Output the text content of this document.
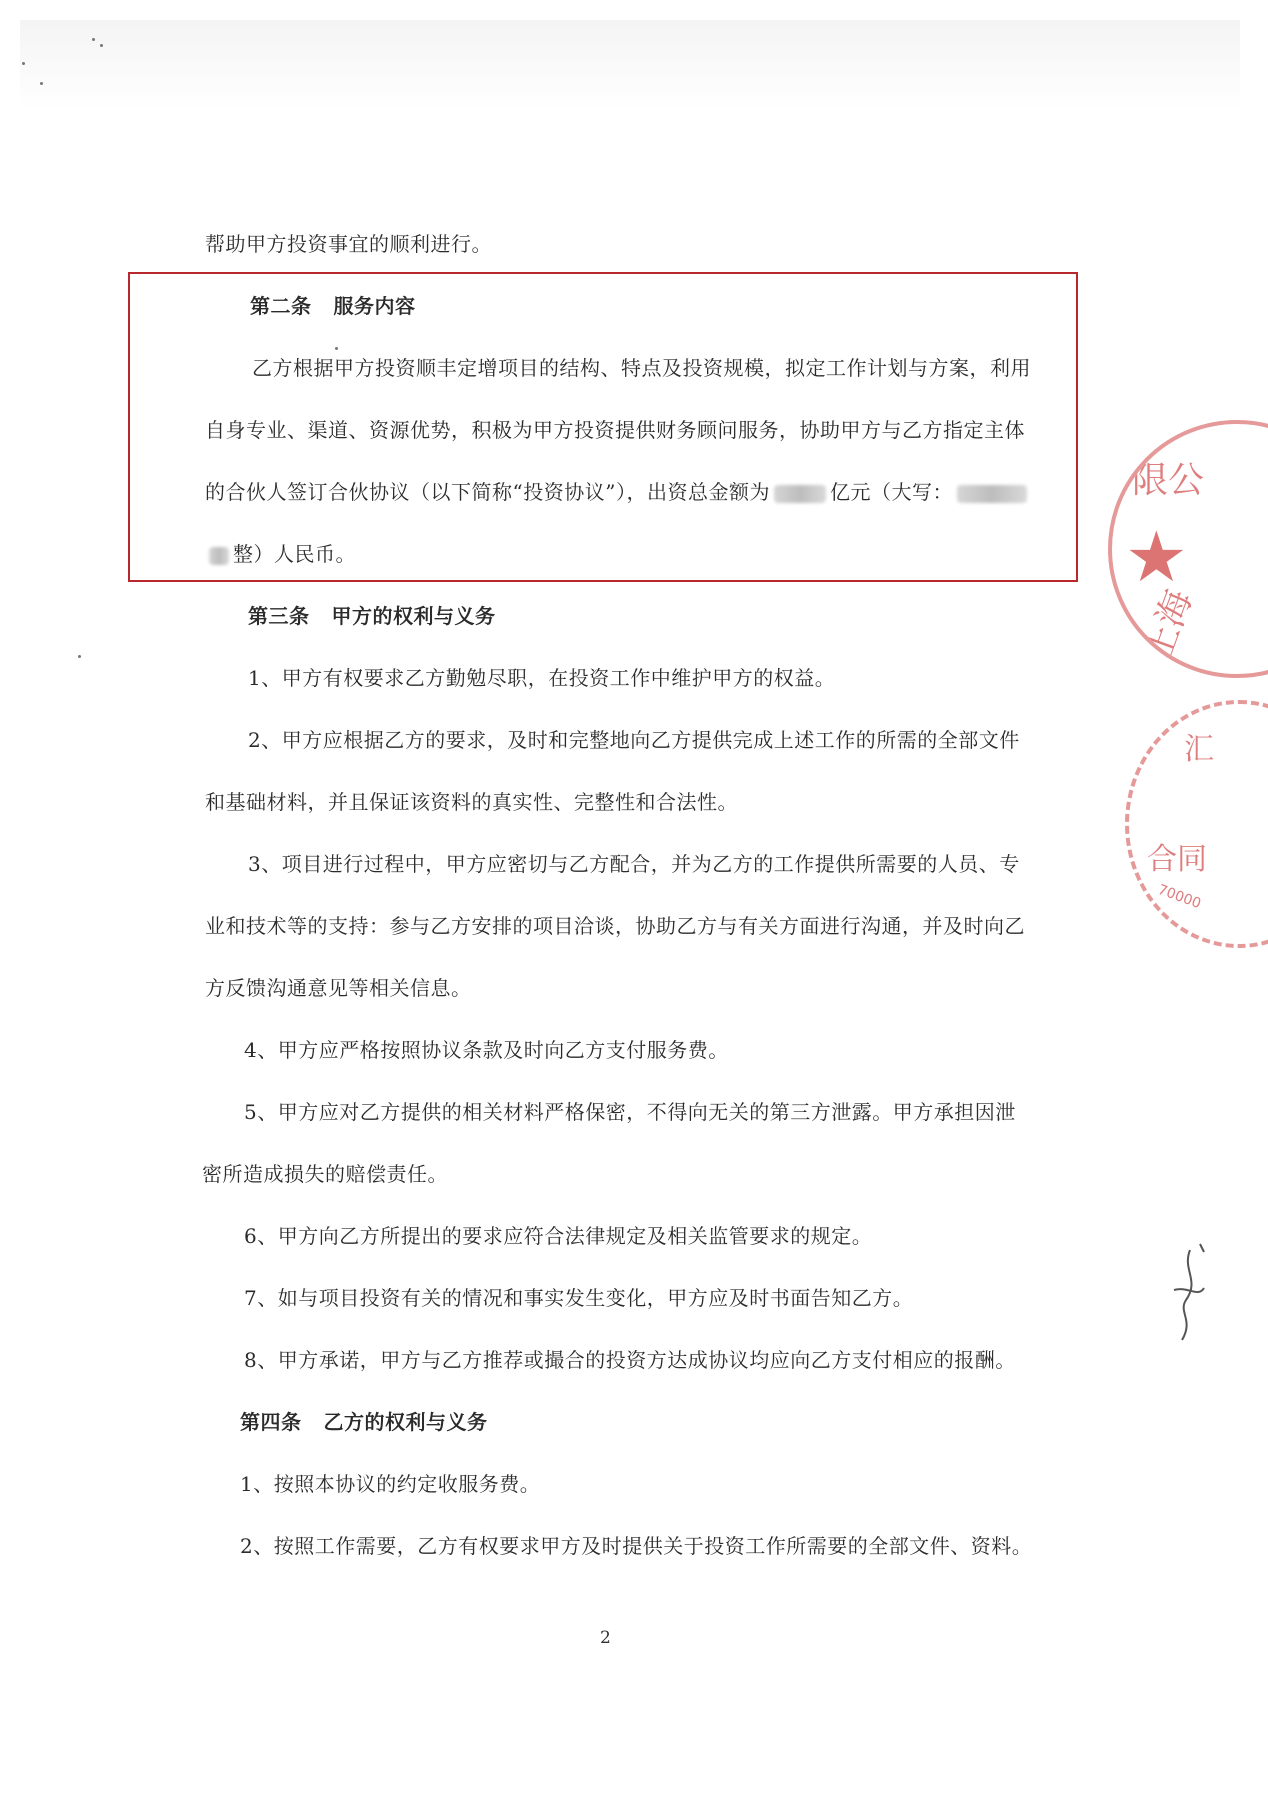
帮助甲方投资事宜的顺利进行。
第二条 服务内容
乙方根据甲方投资顺丰定增项目的结构、特点及投资规模，拟定工作计划与方案，利用
自身专业、渠道、资源优势，积极为甲方投资提供财务顾问服务，协助甲方与乙方指定主体
的合伙人签订合伙协议（以下简称“投资协议”），出资总金额为	亿元（大写：
整）人民币。
第三条 甲方的权利与义务
1、甲方有权要求乙方勤勉尽职，在投资工作中维护甲方的权益。
2、甲方应根据乙方的要求，及时和完整地向乙方提供完成上述工作的所需的全部文件
和基础材料，并且保证该资料的真实性、完整性和合法性。
3、项目进行过程中，甲方应密切与乙方配合，并为乙方的工作提供所需要的人员、专
业和技术等的支持：参与乙方安排的项目洽谈，协助乙方与有关方面进行沟通，并及时向乙
方反馈沟通意见等相关信息。
4、甲方应严格按照协议条款及时向乙方支付服务费。
5、甲方应对乙方提供的相关材料严格保密，不得向无关的第三方泄露。甲方承担因泄
密所造成损失的赔偿责任。
6、甲方向乙方所提出的要求应符合法律规定及相关监管要求的规定。
7、如与项目投资有关的情况和事实发生变化，甲方应及时书面告知乙方。
8、甲方承诺，甲方与乙方推荐或撮合的投资方达成协议均应向乙方支付相应的报酬。
第四条 乙方的权利与义务
1、按照本协议的约定收服务费。
2、按照工作需要，乙方有权要求甲方及时提供关于投资工作所需要的全部文件、资料。
2
限公
上海
★
汇
合同
70000
